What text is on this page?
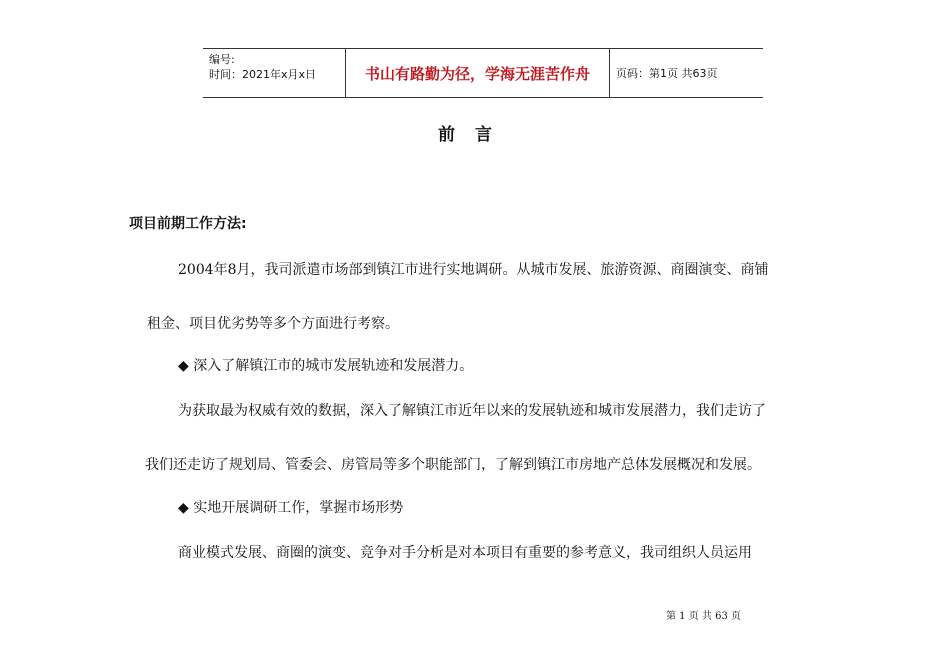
编号:
时间：2021年x月x日	书山有路勤为径，学海无涯苦作舟	页码：第1页 共63页
前言
项目前期工作方法:
2004年8月，我司派遣市场部到镇江市进行实地调研。从城市发展、旅游资源、商圈演变、商铺
租金、项目优劣势等多个方面进行考察。
◆ 深入了解镇江市的城市发展轨迹和发展潜力。
为获取最为权威有效的数据，深入了解镇江市近年以来的发展轨迹和城市发展潜力，我们走访了
我们还走访了规划局、管委会、房管局等多个职能部门，了解到镇江市房地产总体发展概况和发展。
◆ 实地开展调研工作，掌握市场形势
商业模式发展、商圈的演变、竞争对手分析是对本项目有重要的参考意义，我司组织人员运用
第 1 页 共 63 页
